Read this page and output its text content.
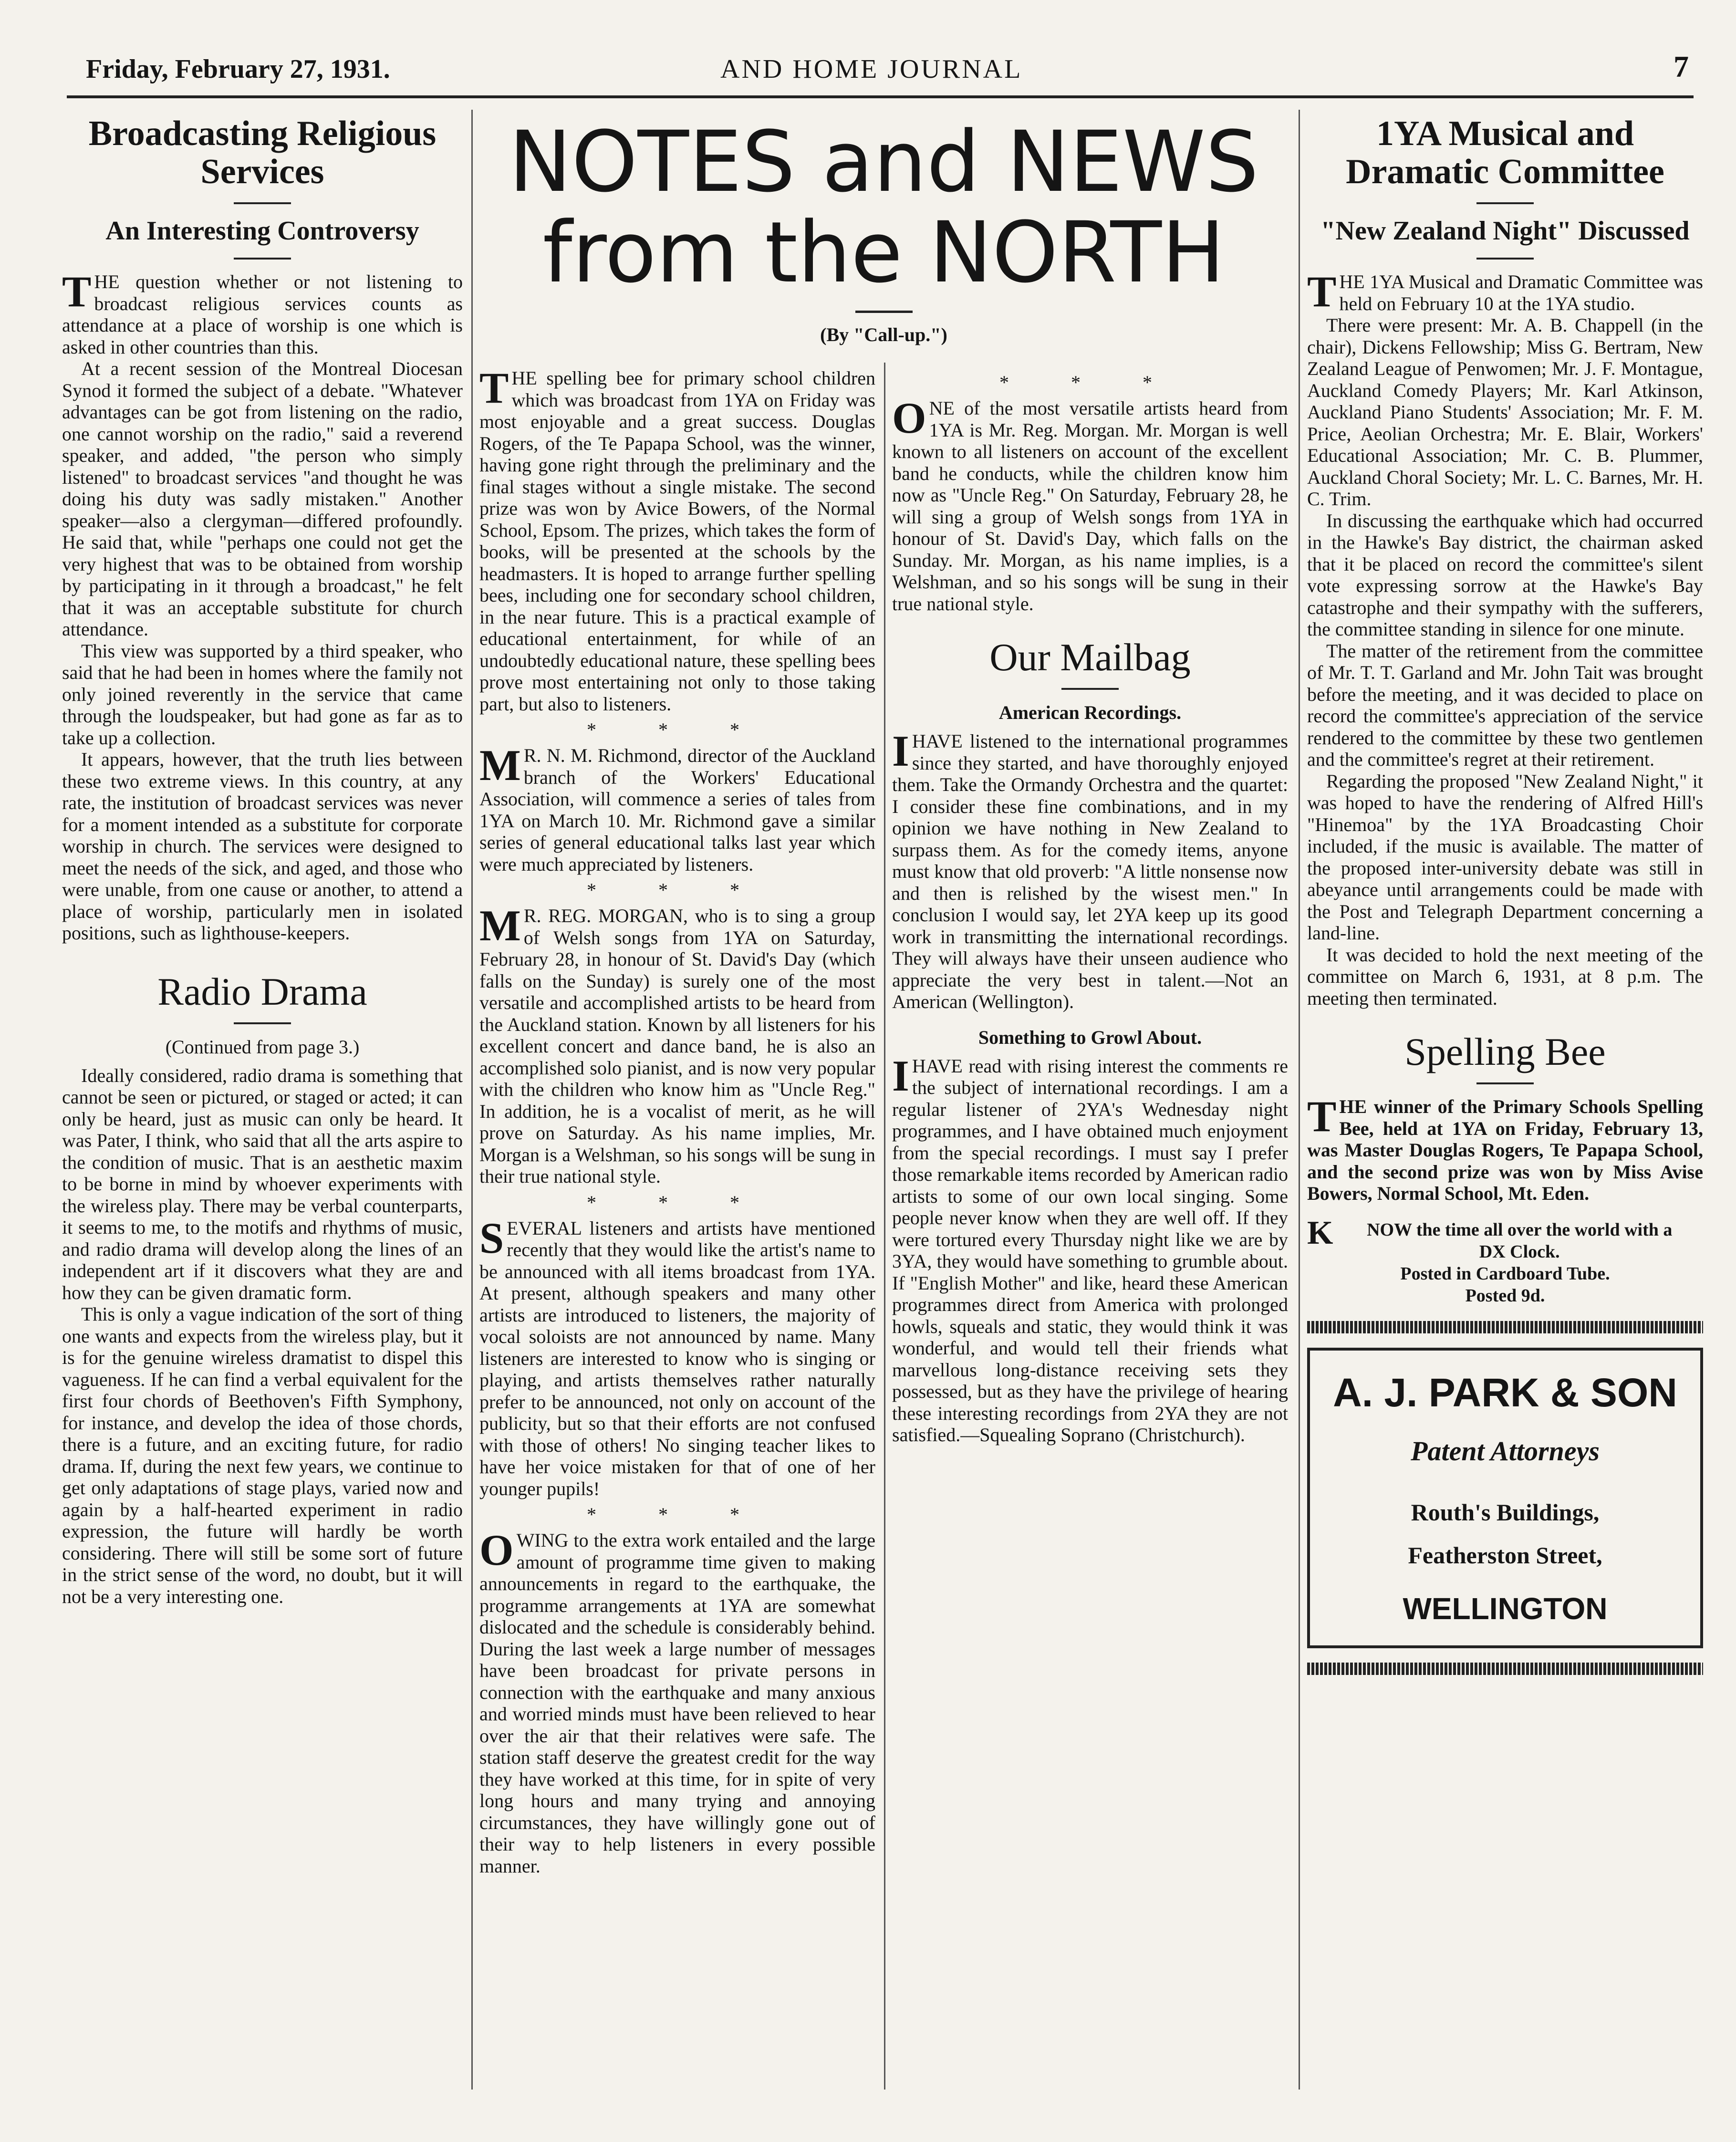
Friday, February 27, 1931.	AND HOME JOURNAL	7
NOTES and NEWS
from the NORTH
(By "Call-up.")
Broadcasting Religious Services
An Interesting Controversy

THE question whether or not listening to broadcast religious services counts as attendance at a place of worship is one which is asked in other countries than this.

At a recent session of the Montreal Diocesan Synod it formed the subject of a debate. "Whatever advantages can be got from listening on the radio, one cannot worship on the radio," said a reverend speaker, and added, "the person who simply listened" to broadcast services "and thought he was doing his duty was sadly mistaken." Another speaker—also a clergyman—differed profoundly. He said that, while "perhaps one could not get the very highest that was to be obtained from worship by participating in it through a broadcast," he felt that it was an acceptable substitute for church attendance.

This view was supported by a third speaker, who said that he had been in homes where the family not only joined reverently in the service that came through the loudspeaker, but had gone as far as to take up a collection.

It appears, however, that the truth lies between these two extreme views. In this country, at any rate, the institution of broadcast services was never for a moment intended as a substitute for corporate worship in church. The services were designed to meet the needs of the sick, and aged, and those who were unable, from one cause or another, to attend a place of worship, particularly men in isolated positions, such as lighthouse-keepers.

Radio Drama
(Continued from page 3.)

Ideally considered, radio drama is something that cannot be seen or pictured, or staged or acted; it can only be heard, just as music can only be heard. It was Pater, I think, who said that all the arts aspire to the condition of music. That is an aesthetic maxim to be borne in mind by whoever experiments with the wireless play. There may be verbal counterparts, it seems to me, to the motifs and rhythms of music, and radio drama will develop along the lines of an independent art if it discovers what they are and how they can be given dramatic form.

This is only a vague indication of the sort of thing one wants and expects from the wireless play, but it is for the genuine wireless dramatist to dispel this vagueness. If he can find a verbal equivalent for the first four chords of Beethoven's Fifth Symphony, for instance, and develop the idea of those chords, there is a future, and an exciting future, for radio drama. If, during the next few years, we continue to get only adaptations of stage plays, varied now and again by a half-hearted experiment in radio expression, the future will hardly be worth considering. There will still be some sort of future in the strict sense of the word, no doubt, but it will not be a very interesting one.

THE spelling bee for primary school children which was broadcast from 1YA on Friday was most enjoyable and a great success. Douglas Rogers, of the Te Papapa School, was the winner, having gone right through the preliminary and the final stages without a single mistake. The second prize was won by Avice Bowers, of the Normal School, Epsom. The prizes, which takes the form of books, will be presented at the schools by the headmasters. It is hoped to arrange further spelling bees, including one for secondary school children, in the near future. This is a practical example of educational entertainment, for while of an undoubtedly educational nature, these spelling bees prove most entertaining not only to those taking part, but also to listeners.

* * *

M R. N. M. Richmond, director of the Auckland branch of the Workers' Educational Association, will commence a series of tales from 1YA on March 10. Mr. Richmond gave a similar series of general educational talks last year which were much appreciated by listeners.

* * *

M R. REG. MORGAN, who is to sing a group of Welsh songs from 1YA on Saturday, February 28, in honour of St. David's Day (which falls on the Sunday) is surely one of the most versatile and accomplished artists to be heard from the Auckland station. Known by all listeners for his excellent concert and dance band, he is also an accomplished solo pianist, and is now very popular with the children who know him as "Uncle Reg." In addition, he is a vocalist of merit, as he will prove on Saturday. As his name implies, Mr. Morgan is a Welshman, so his songs will be sung in their true national style.

* * *

SEVERAL listeners and artists have mentioned recently that they would like the artist's name to be announced with all items broadcast from 1YA. At present, although speakers and many other artists are introduced to listeners, the majority of vocal soloists are not announced by name. Many listeners are interested to know who is singing or playing, and artists themselves rather naturally prefer to be announced, not only on account of the publicity, but so that their efforts are not confused with those of others! No singing teacher likes to have her voice mistaken for that of one of her younger pupils!

* * *

OWING to the extra work entailed and the large amount of programme time given to making announcements in regard to the earthquake, the programme arrangements at 1YA are somewhat dislocated and the schedule is considerably behind. During the last week a large number of messages have been broadcast for private persons in connection with the earthquake and many anxious and worried minds must have been relieved to hear over the air that their relatives were safe. The station staff deserve the greatest credit for the way they have worked at this time, for in spite of very long hours and many trying and annoying circumstances, they have willingly gone out of their way to help listeners in every possible manner.

* * *

ONE of the most versatile artists heard from 1YA is Mr. Reg. Morgan. Mr. Morgan is well known to all listeners on account of the excellent band he conducts, while the children know him now as "Uncle Reg." On Saturday, February 28, he will sing a group of Welsh songs from 1YA in honour of St. David's Day, which falls on the Sunday. Mr. Morgan, as his name implies, is a Welshman, and so his songs will be sung in their true national style.

Our Mailbag
American Recordings.

IHAVE listened to the international programmes since they started, and have thoroughly enjoyed them. Take the Ormandy Orchestra and the quartet: I consider these fine combinations, and in my opinion we have nothing in New Zealand to surpass them. As for the comedy items, anyone must know that old proverb: "A little nonsense now and then is relished by the wisest men." In conclusion I would say, let 2YA keep up its good work in transmitting the international recordings. They will always have their unseen audience who appreciate the very best in talent.—Not an American (Wellington).

Something to Growl About.

IHAVE read with rising interest the comments re the subject of international recordings. I am a regular listener of 2YA's Wednesday night programmes, and I have obtained much enjoyment from the special recordings. I must say I prefer those remarkable items recorded by American radio artists to some of our own local singing. Some people never know when they are well off. If they were tortured every Thursday night like we are by 3YA, they would have something to grumble about. If "English Mother" and like, heard these American programmes direct from America with prolonged howls, squeals and static, they would think it was wonderful, and would tell their friends what marvellous long-distance receiving sets they possessed, but as they have the privilege of hearing these interesting recordings from 2YA they are not satisfied.—Squealing Soprano (Christchurch).

1YA Musical and Dramatic Committee
"New Zealand Night" Discussed

THE 1YA Musical and Dramatic Committee was held on February 10 at the 1YA studio.

There were present: Mr. A. B. Chappell (in the chair), Dickens Fellowship; Miss G. Bertram, New Zealand League of Penwomen; Mr. J. F. Montague, Auckland Comedy Players; Mr. Karl Atkinson, Auckland Piano Students' Association; Mr. F. M. Price, Aeolian Orchestra; Mr. E. Blair, Workers' Educational Association; Mr. C. B. Plummer, Auckland Choral Society; Mr. L. C. Barnes, Mr. H. C. Trim.

In discussing the earthquake which had occurred in the Hawke's Bay district, the chairman asked that it be placed on record the committee's silent vote expressing sorrow at the Hawke's Bay catastrophe and their sympathy with the sufferers, the committee standing in silence for one minute.

The matter of the retirement from the committee of Mr. T. T. Garland and Mr. John Tait was brought before the meeting, and it was decided to place on record the committee's appreciation of the service rendered to the committee by these two gentlemen and the committee's regret at their retirement.

Regarding the proposed "New Zealand Night," it was hoped to have the rendering of Alfred Hill's "Hinemoa" by the 1YA Broadcasting Choir included, if the music is available. The matter of the proposed inter-university debate was still in abeyance until arrangements could be made with the Post and Telegraph Department concerning a land-line.

It was decided to hold the next meeting of the committee on March 6, 1931, at 8 p.m. The meeting then terminated.

Spelling Bee

THE winner of the Primary Schools Spelling Bee, held at 1YA on Friday, February 13, was Master Douglas Rogers, Te Papapa School, and the second prize was won by Miss Avise Bowers, Normal School, Mt. Eden.

K	NOW the time all over the world with a
DX Clock.
Posted in Cardboard Tube.
Posted 9d.
A. J. PARK & SON
Patent Attorneys
Routh's Buildings,
Featherston Street,
WELLINGTON
